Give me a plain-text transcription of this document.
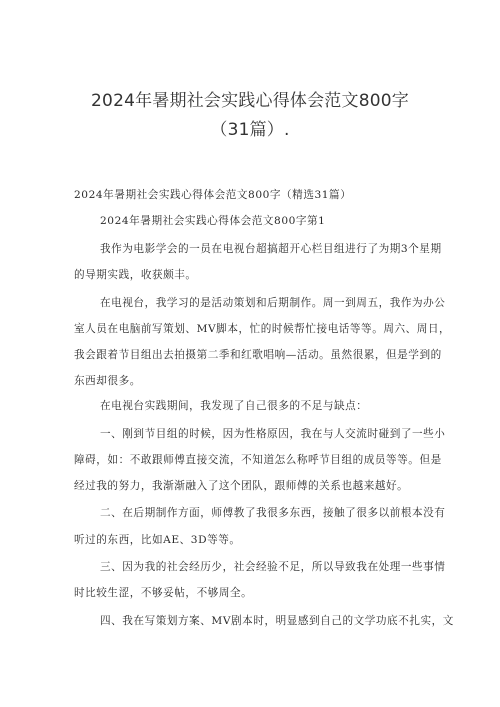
2024年暑期社会实践心得体会范文800字
（31篇）.
2024年暑期社会实践心得体会范文800字（精选31篇）
2024年暑期社会实践心得体会范文800字第1
我作为电影学会的一员在电视台超搞超开心栏目组进行了为期3个星期
的导期实践，收获颇丰。
在电视台，我学习的是活动策划和后期制作。周一到周五，我作为办公
室人员在电脑前写策划、MV脚本，忙的时候帮忙接电话等等。周六、周日，
我会跟着节目组出去拍摄第二季和红歌唱响—活动。虽然很累，但是学到的
东西却很多。
在电视台实践期间，我发现了自己很多的不足与缺点：
一、刚到节目组的时候，因为性格原因，我在与人交流时碰到了一些小
障碍，如：不敢跟师傅直接交流，不知道怎么称呼节目组的成员等等。但是
经过我的努力，我渐渐融入了这个团队，跟师傅的关系也越来越好。
二、在后期制作方面，师傅教了我很多东西，接触了很多以前根本没有
听过的东西，比如AE、3D等等。
三、因为我的社会经历少，社会经验不足，所以导致我在处理一些事情
时比较生涩，不够妥帖，不够周全。
四、我在写策划方案、MV剧本时，明显感到自己的文学功底不扎实，文
